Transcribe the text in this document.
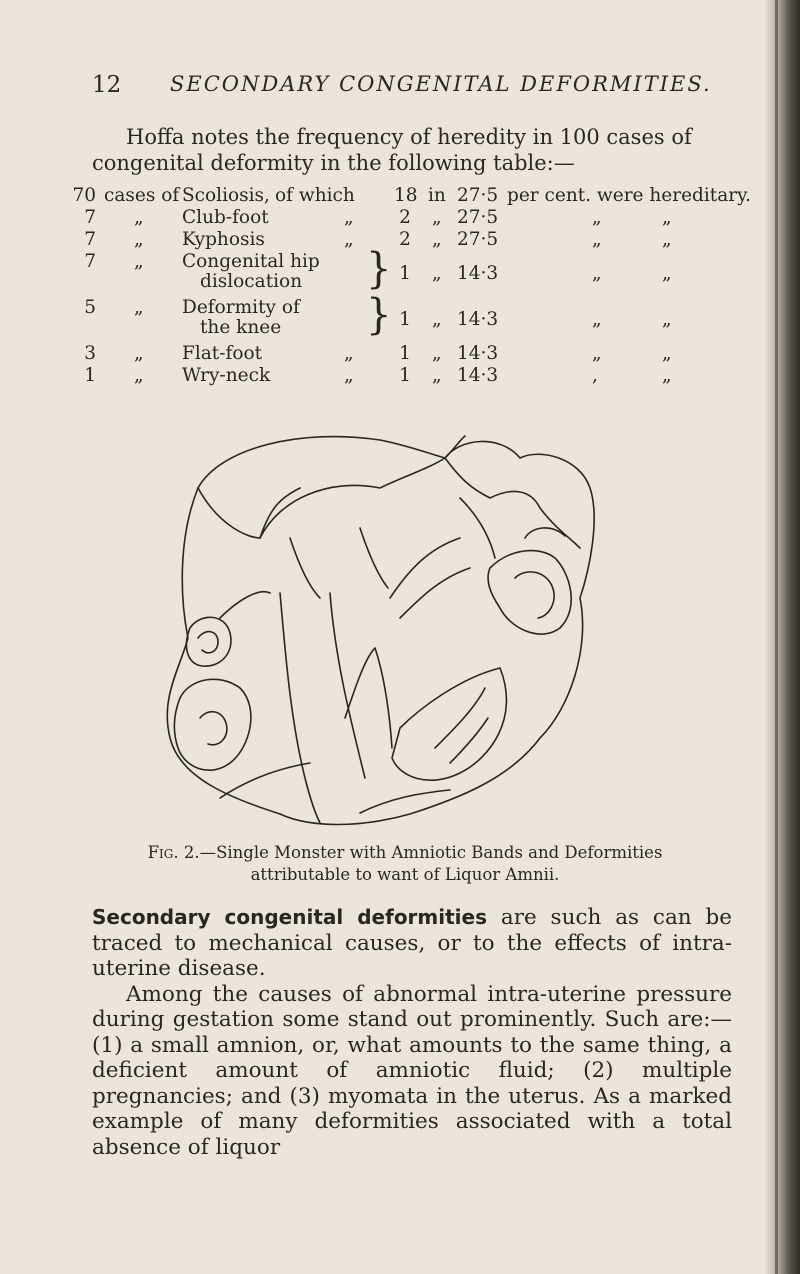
12 SECONDARY CONGENITAL DEFORMITIES.

Hoffa notes the frequency of heredity in 100 cases of congenital deformity in the following table:—

70 cases of Scoliosis, of which 18 in 27·5 per cent. were hereditary.
7 „ Club-foot	„ 2 „ 27·5	„	„
7 „ Kyphosis	„ 2 „ 27·5	„	„
7 „ Congenital hip
dislocation } 1 „ 14·3	„	„
5 „ Deformity of
the knee } 1 „ 14·3	„	„
3 „ Flat-foot	„ 1 „ 14·3	„	„
1 „ Wry-neck	„ 1 „ 14·3	,	„
Fig. 2.—Single Monster with Amniotic Bands and Deformities attributable to want of Liquor Amnii.

Secondary congenital deformities are such as can be traced to mechanical causes, or to the effects of intra-uterine disease.

Among the causes of abnormal intra-uterine pressure during gestation some stand out prominently. Such are:—(1) a small amnion, or, what amounts to the same thing, a deficient amount of amniotic fluid; (2) multiple pregnancies; and (3) myomata in the uterus. As a marked example of many deformities associated with a total absence of liquor
